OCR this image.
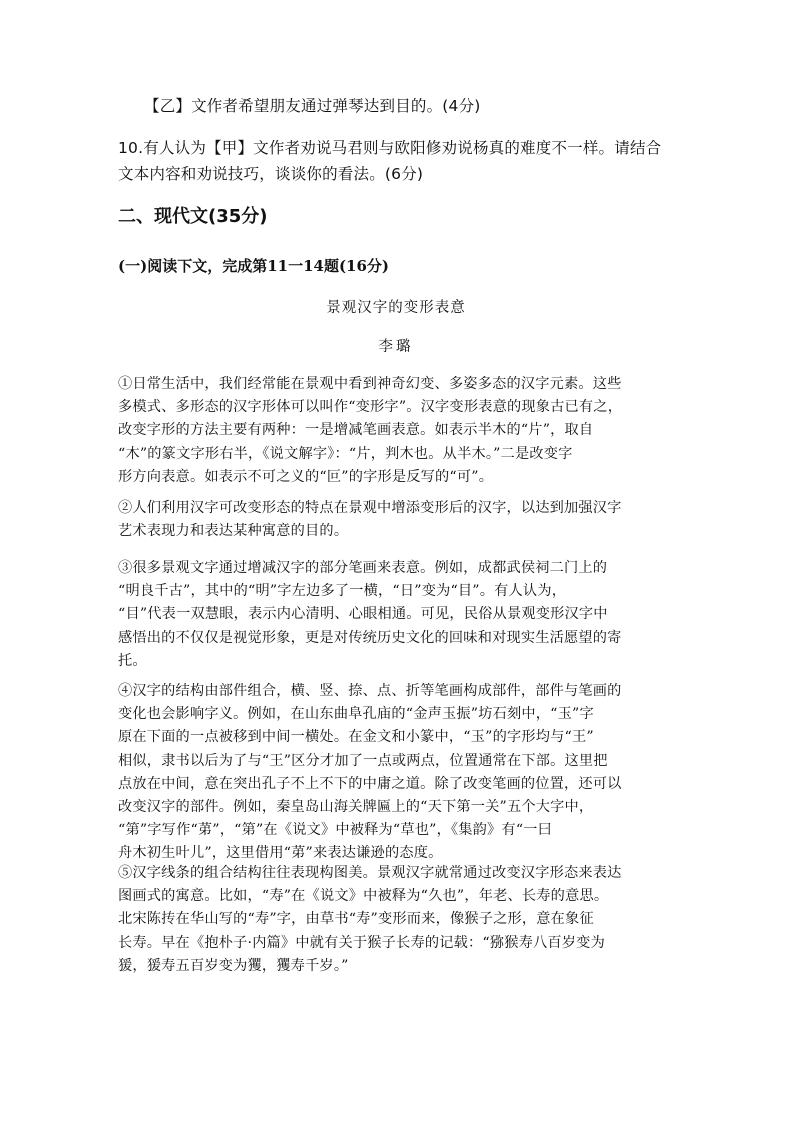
【乙】文作者希望朋友通过弹琴达到目的。(4分)
10.有人认为【甲】文作者劝说马君则与欧阳修劝说杨真的难度不一样。请结合
文本内容和劝说技巧，谈谈你的看法。(6分)
二、现代文(35分)
(一)阅读下文，完成第11一14题(16分)
景观汉字的变形表意
李璐
①日常生活中，我们经常能在景观中看到神奇幻变、多姿多态的汉字元素。这些
多模式、多形态的汉字形体可以叫作“变形字”。汉字变形表意的现象古已有之，
改变字形的方法主要有两种：一是增减笔画表意。如表示半木的“片”，取自
“木”的篆文字形右半，《说文解字》：“片，判木也。从半木。”二是改变字
形方向表意。如表示不可之义的“叵”的字形是反写的“可”。
②人们利用汉字可改变形态的特点在景观中增添变形后的汉字，以达到加强汉字
艺术表现力和表达某种寓意的目的。
③很多景观文字通过增减汉字的部分笔画来表意。例如，成都武侯祠二门上的
“明良千古”，其中的“明”字左边多了一横，“日”变为“目”。有人认为，
“目”代表一双慧眼，表示内心清明、心眼相通。可见，民俗从景观变形汉字中
感悟出的不仅仅是视觉形象，更是对传统历史文化的回味和对现实生活愿望的寄
托。
④汉字的结构由部件组合，横、竖、捺、点、折等笔画构成部件，部件与笔画的
变化也会影响字义。例如，在山东曲阜孔庙的“金声玉振”坊石刻中，“玉”字
原在下面的一点被移到中间一横处。在金文和小篆中，“玉”的字形均与“王”
相似，隶书以后为了与“王”区分才加了一点或两点，位置通常在下部。这里把
点放在中间，意在突出孔子不上不下的中庸之道。除了改变笔画的位置，还可以
改变汉字的部件。例如，秦皇岛山海关牌匾上的“天下第一关”五个大字中，
“第”字写作“苐”，“第”在《说文》中被释为“草也”，《集韵》有“一曰
舟木初生叶儿”，这里借用“苐”来表达谦逊的态度。
⑤汉字线条的组合结构往往表现构图美。景观汉字就常通过改变汉字形态来表达
图画式的寓意。比如，“寿”在《说文》中被释为“久也”，年老、长寿的意思。
北宋陈抟在华山写的“寿”字，由草书“寿”变形而来，像猴子之形，意在象征
长寿。早在《抱朴子·内篇》中就有关于猴子长寿的记载：“猕猴寿八百岁变为
猨，猨寿五百岁变为玃，玃寿千岁。”
